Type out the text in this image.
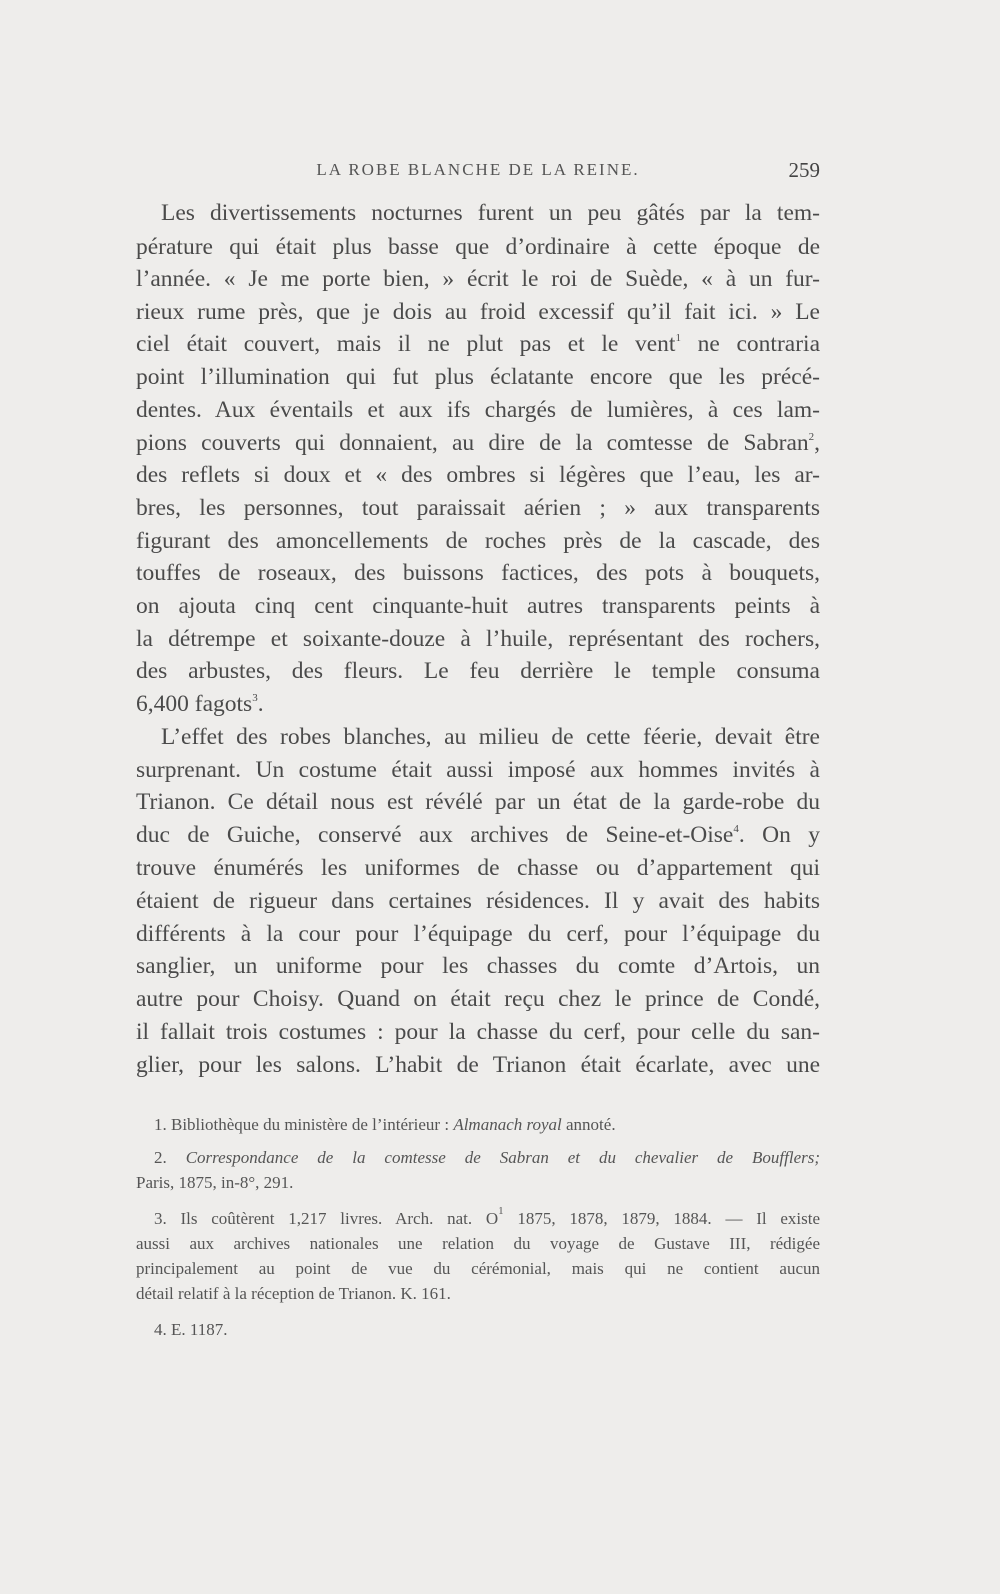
LA ROBE BLANCHE DE LA REINE.	259
Les divertissements nocturnes furent un peu gâtés par la tem-
pérature qui était plus basse que d’ordinaire à cette époque de
l’année. « Je me porte bien, » écrit le roi de Suède, « à un fur-
rieux rume près, que je dois au froid excessif qu’il fait ici. » Le
ciel était couvert, mais il ne plut pas et le vent$^1$ ne contraria
point l’illumination qui fut plus éclatante encore que les précé-
dentes. Aux éventails et aux ifs chargés de lumières, à ces lam-
pions couverts qui donnaient, au dire de la comtesse de Sabran$^2$,
des reflets si doux et « des ombres si légères que l’eau, les ar-
bres, les personnes, tout paraissait aérien ; » aux transparents
figurant des amoncellements de roches près de la cascade, des
touffes de roseaux, des buissons factices, des pots à bouquets,
on ajouta cinq cent cinquante-huit autres transparents peints à
la détrempe et soixante-douze à l’huile, représentant des rochers,
des arbustes, des fleurs. Le feu derrière le temple consuma
6,400 fagots$^3$.
L’effet des robes blanches, au milieu de cette féerie, devait être
surprenant. Un costume était aussi imposé aux hommes invités à
Trianon. Ce détail nous est révélé par un état de la garde-robe du
duc de Guiche, conservé aux archives de Seine-et-Oise$^4$. On y
trouve énumérés les uniformes de chasse ou d’appartement qui
étaient de rigueur dans certaines résidences. Il y avait des habits
différents à la cour pour l’équipage du cerf, pour l’équipage du
sanglier, un uniforme pour les chasses du comte d’Artois, un
autre pour Choisy. Quand on était reçu chez le prince de Condé,
il fallait trois costumes : pour la chasse du cerf, pour celle du san-
glier, pour les salons. L’habit de Trianon était écarlate, avec une
1. Bibliothèque du ministère de l’intérieur : Almanach royal annoté.
2. Correspondance de la comtesse de Sabran et du chevalier de Boufflers;
Paris, 1875, in-8°, 291.
3. Ils coûtèrent 1,217 livres. Arch. nat. $O^1$ 1875, 1878, 1879, 1884. — Il existe
aussi aux archives nationales une relation du voyage de Gustave III, rédigée
principalement au point de vue du cérémonial, mais qui ne contient aucun
détail relatif à la réception de Trianon. K. 161.
4. E. 1187.
